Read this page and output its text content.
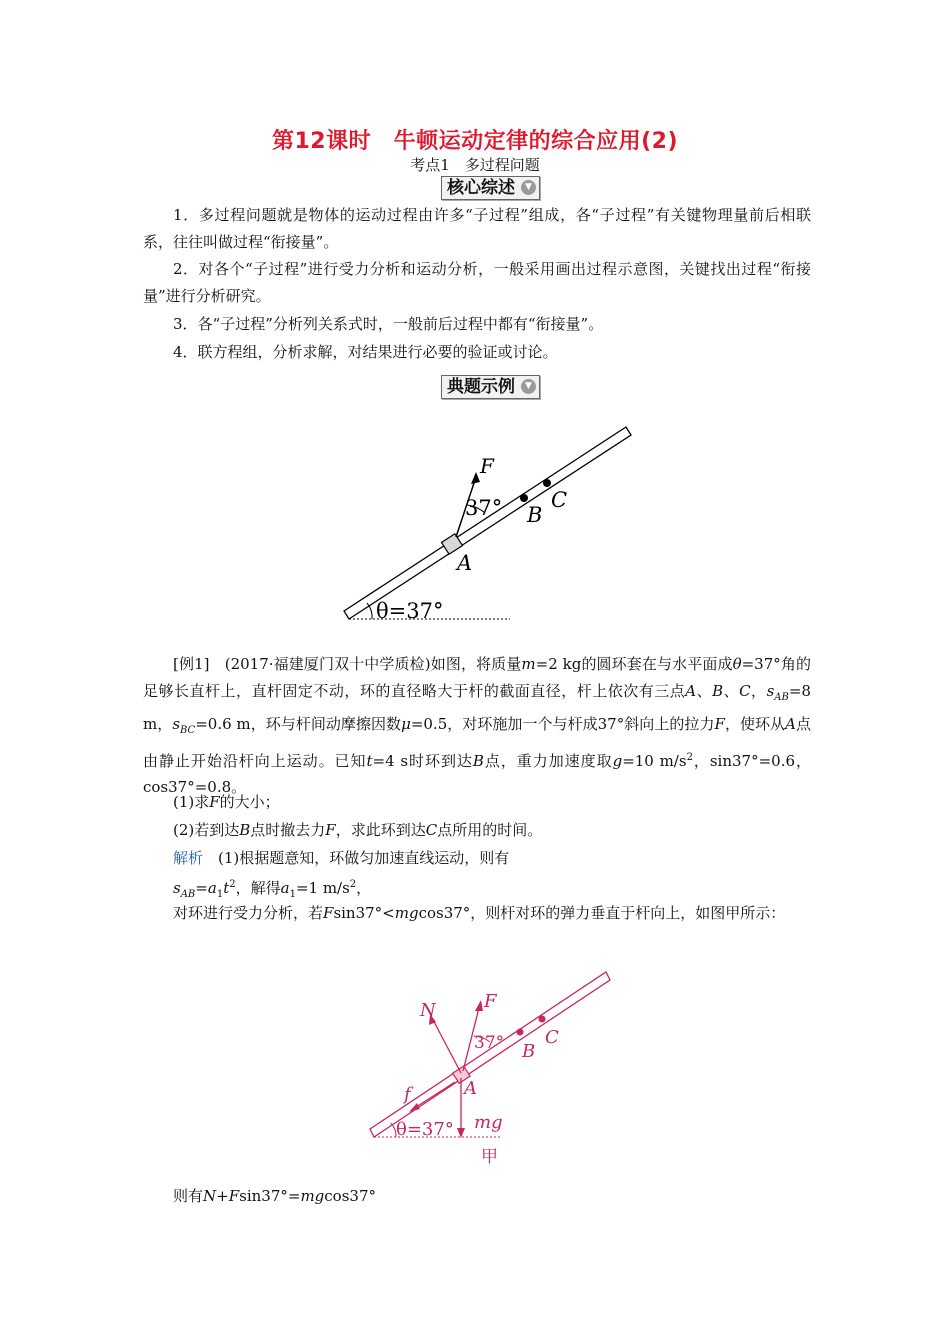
第12课时　牛顿运动定律的综合应用(2)
考点1　多过程问题
核心综述	▼
1．多过程问题就是物体的运动过程由许多“子过程”组成，各“子过程”有关键物理量前后相联系，往往叫做过程“衔接量”。
2．对各个“子过程”进行受力分析和运动分析，一般采用画出过程示意图，关键找出过程“衔接量”进行分析研究。
3．各“子过程”分析列关系式时，一般前后过程中都有“衔接量”。
4．联方程组，分析求解，对结果进行必要的验证或讨论。
典题示例	▼
θ=37°
F
37° B
C
A
[例1]　 (2017·福建厦门双十中学质检)如图，将质量m=2 kg的圆环套在与水平面成θ=37°角的足够长直杆上，直杆固定不动，环的直径略大于杆的截面直径，杆上依次有三点A、B、C，$s_{AB}=8$ m，$s_{BC}=0.6$ m，环与杆间动摩擦因数μ=0.5，对环施加一个与杆成37°斜向上的拉力F，使环从A点由静止开始沿杆向上运动。已知t=4 s时环到达B点，重力加速度取g=10 $m/s^2$，sin37°=0.6，cos37°=0.8。
(1)求F的大小；
(2)若到达B点时撤去力F，求此环到达C点所用的时间。
解析　 (1)根据题意知，环做匀加速直线运动，则有
$s_{AB}=a_1t^2$，解得$a_1=1$ $m/s^2$，
对环进行受力分析，若Fsin37°<mgcos37°，则杆对环的弹力垂直于杆向上，如图甲所示：
θ=37°
N	F
37°
mg
f	A
B
C
甲
则有N+Fsin37°=mgcos37°
